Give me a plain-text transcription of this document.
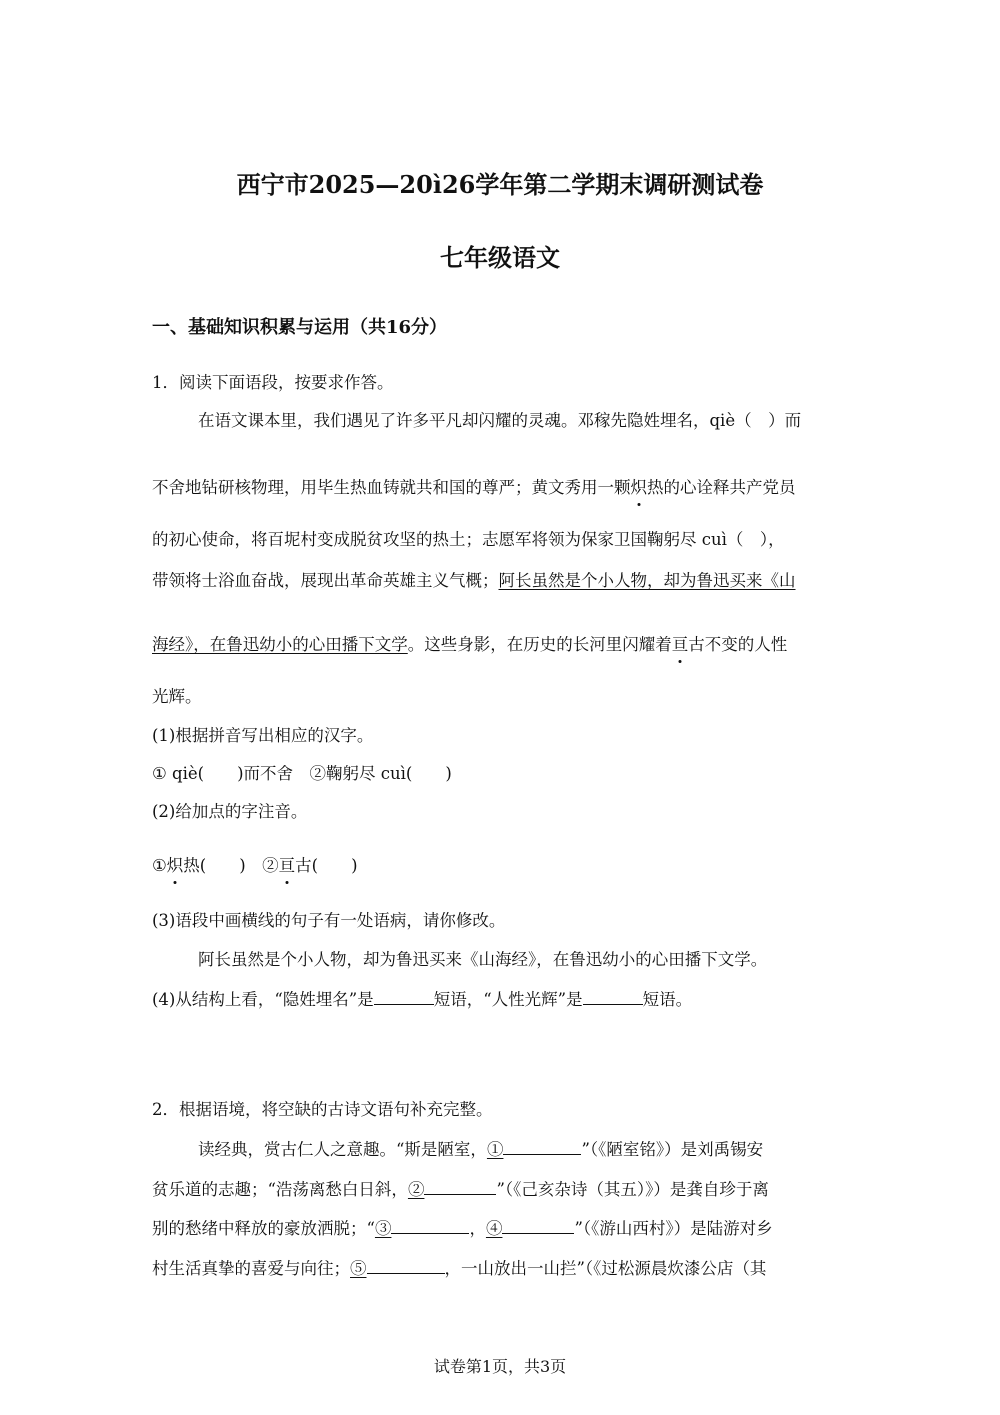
西宁市2025—20ì26学年第二学期末调研测试卷
七年级语文
一、基础知识积累与运用（共16分）
1．阅读下面语段，按要求作答。
在语文课本里，我们遇见了许多平凡却闪耀的灵魂。邓稼先隐姓埋名，qiè（　）而
不舍地钻研核物理，用毕生热血铸就共和国的尊严；黄文秀用一颗炽热的心诠释共产党员
的初心使命，将百坭村变成脱贫攻坚的热土；志愿军将领为保家卫国鞠躬尽 cuì（　），
带领将士浴血奋战，展现出革命英雄主义气概；阿长虽然是个小人物，却为鲁迅买来《山
海经》，在鲁迅幼小的心田播下文学。这些身影，在历史的长河里闪耀着亘古不变的人性
光辉。
(1)根据拼音写出相应的汉字。
① qiè(　　)而不舍　②鞠躬尽 cuì(　　)
(2)给加点的字注音。
①炽热(　　)　②亘古(　　)
(3)语段中画横线的句子有一处语病，请你修改。
阿长虽然是个小人物，却为鲁迅买来《山海经》，在鲁迅幼小的心田播下文学。
(4)从结构上看，“隐姓埋名”是	短语，“人性光辉”是	短语。
2．根据语境，将空缺的古诗文语句补充完整。
读经典，赏古仁人之意趣。“斯是陋室，①	”（《陋室铭》）是刘禹锡安
贫乐道的志趣；“浩荡离愁白日斜，②	”（《己亥杂诗（其五）》）是龚自珍于离
别的愁绪中释放的豪放洒脱；“③	，④	”（《游山西村》）是陆游对乡
村生活真挚的喜爱与向往；⑤	，一山放出一山拦”（《过松源晨炊漆公店（其
试卷第1页，共3页
